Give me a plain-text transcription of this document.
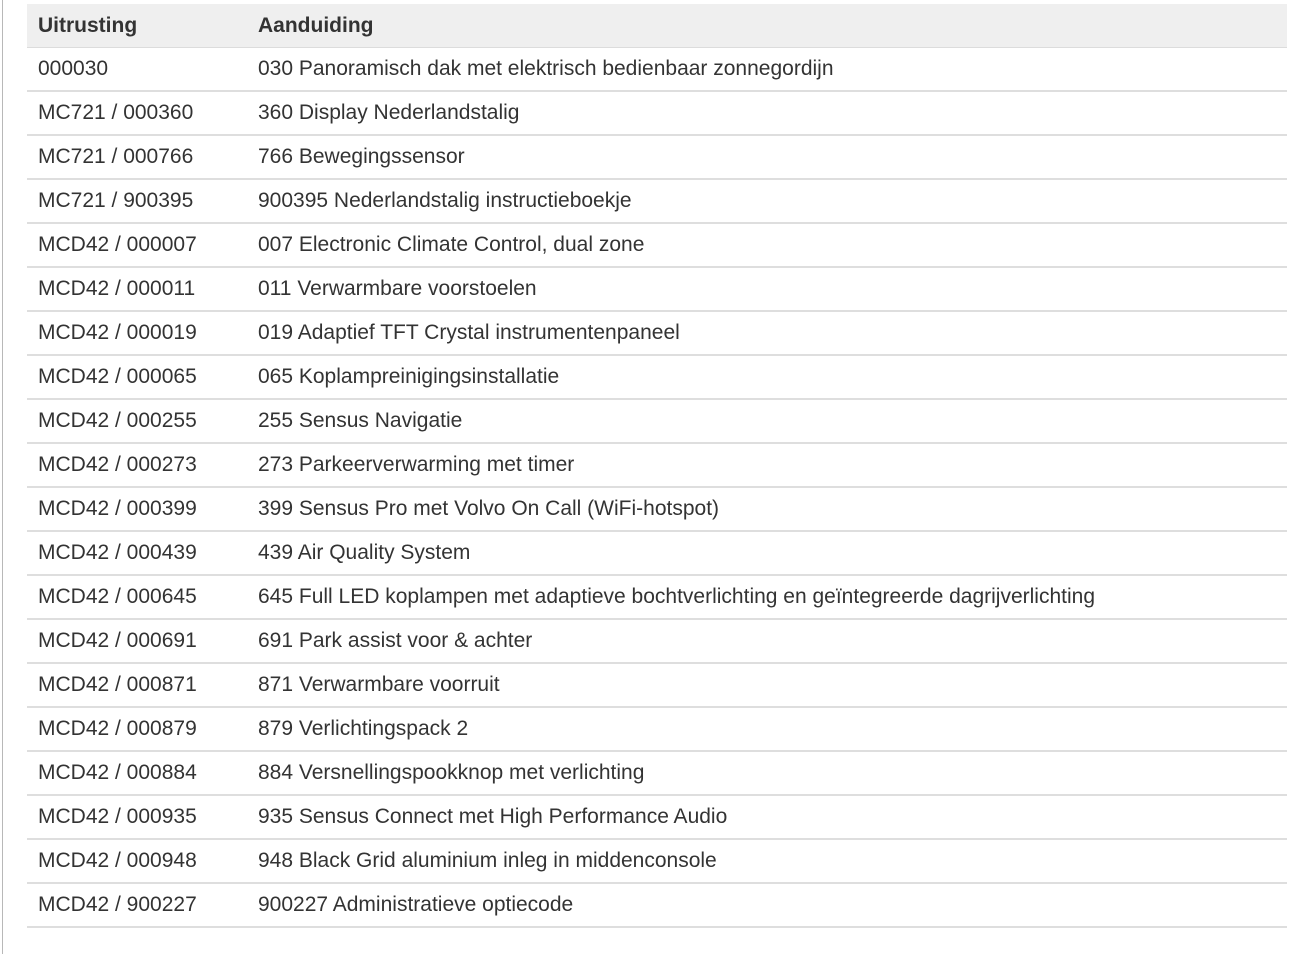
Uitrusting	Aanduiding
000030	030 Panoramisch dak met elektrisch bedienbaar zonnegordijn
MC721 / 000360	360 Display Nederlandstalig
MC721 / 000766	766 Bewegingssensor
MC721 / 900395	900395 Nederlandstalig instructieboekje
MCD42 / 000007	007 Electronic Climate Control, dual zone
MCD42 / 000011	011 Verwarmbare voorstoelen
MCD42 / 000019	019 Adaptief TFT Crystal instrumentenpaneel
MCD42 / 000065	065 Koplampreinigingsinstallatie
MCD42 / 000255	255 Sensus Navigatie
MCD42 / 000273	273 Parkeerverwarming met timer
MCD42 / 000399	399 Sensus Pro met Volvo On Call (WiFi-hotspot)
MCD42 / 000439	439 Air Quality System
MCD42 / 000645	645 Full LED koplampen met adaptieve bochtverlichting en geïntegreerde dagrijverlichting
MCD42 / 000691	691 Park assist voor & achter
MCD42 / 000871	871 Verwarmbare voorruit
MCD42 / 000879	879 Verlichtingspack 2
MCD42 / 000884	884 Versnellingspookknop met verlichting
MCD42 / 000935	935 Sensus Connect met High Performance Audio
MCD42 / 000948	948 Black Grid aluminium inleg in middenconsole
MCD42 / 900227	900227 Administratieve optiecode
